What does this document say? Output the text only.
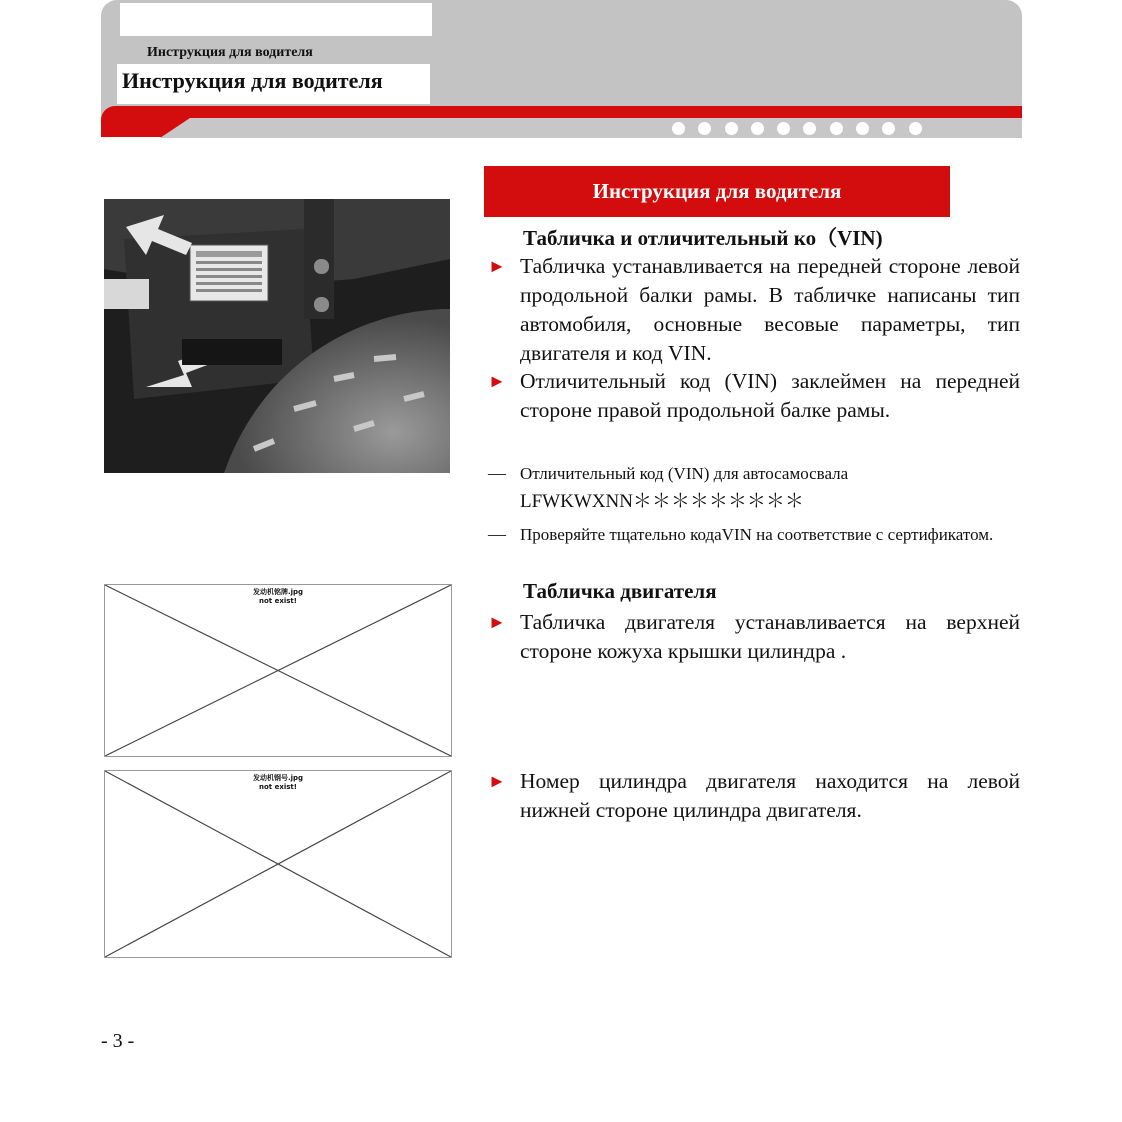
Инструкция для водителя
Инструкция для водителя
发动机铭牌.jpg
not exist!
发动机钢号.jpg
not exist!
Инструкция для водителя
Табличка и отличительный ко（VIN)
► Табличка устанавливается на передней стороне левой продольной балки рамы. В табличке написаны тип автомобиля, основные весовые параметры, тип двигателя и код VIN.
► Отличительный код (VIN) заклеймен на передней стороне правой продольной балке рамы.
— Отличительный код (VIN) для автосамосвала
LFWKWXNN＊＊＊＊＊＊＊＊＊
— Проверяйте тщательно кодаVIN на соответствие с сертификатом.
Табличка двигателя
► Табличка двигателя устанавливается на верхней стороне кожуха крышки цилиндра .
► Номер цилиндра двигателя находится на левой нижней стороне цилиндра двигателя.
- 3 -
